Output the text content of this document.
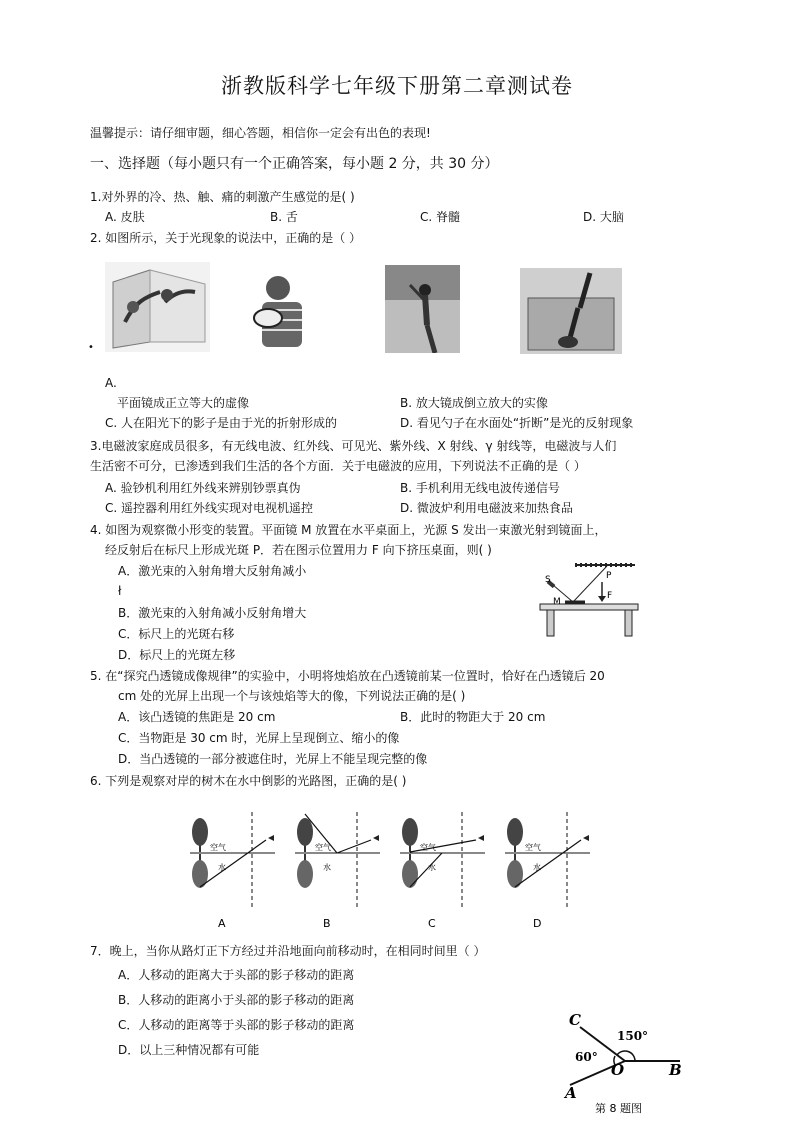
浙教版科学七年级下册第二章测试卷
温馨提示：请仔细审题，细心答题，相信你一定会有出色的表现!
一、选择题（每小题只有一个正确答案，每小题 2 分，共 30 分）
1.对外界的冷、热、触、痛的刺激产生感觉的是( )
A. 皮肤	B. 舌	C. 脊髓	D. 大脑
2. 如图所示，关于光现象的说法中，正确的是（ ）
•
A.
平面镜成正立等大的虚像	B. 放大镜成倒立放大的实像
C. 人在阳光下的影子是由于光的折射形成的	D. 看见勺子在水面处“折断”是光的反射现象
3.电磁波家庭成员很多，有无线电波、红外线、可见光、紫外线、X 射线、γ 射线等，电磁波与人们
生活密不可分，已渗透到我们生活的各个方面．关于电磁波的应用，下列说法不正确的是（ ）
A. 验钞机利用红外线来辨别钞票真伪	B. 手机利用无线电波传递信号
C. 遥控器利用红外线实现对电视机遥控	D. 微波炉利用电磁波来加热食品
4. 如图为观察微小形变的装置。平面镜 M 放置在水平桌面上，光源 S 发出一束激光射到镜面上，
经反射后在标尺上形成光斑 P．若在图示位置用力 F 向下挤压桌面，则( )
A．激光束的入射角增大反射角减小
ł
B．激光束的入射角减小反射角增大
C．标尺上的光斑右移
D．标尺上的光斑左移
S
M
P
F
5. 在“探究凸透镜成像规律”的实验中，小明将烛焰放在凸透镜前某一位置时，恰好在凸透镜后 20
cm 处的光屏上出现一个与该烛焰等大的像，下列说法正确的是( )
A．该凸透镜的焦距是 20 cm	B．此时的物距大于 20 cm
C．当物距是 30 cm 时，光屏上呈现倒立、缩小的像
D．当凸透镜的一部分被遮住时，光屏上不能呈现完整的像
6. 下列是观察对岸的树木在水中倒影的光路图，正确的是( )
空气
水
A
空气
水
B
空气
水
C
空气
水
D
7．晚上，当你从路灯正下方经过并沿地面向前移动时，在相同时间里（ ）
A．人移动的距离大于头部的影子移动的距离
B．人移动的距离小于头部的影子移动的距离
C．人移动的距离等于头部的影子移动的距离
D．以上三种情况都有可能
C
A
O	B
150°
60°
第 8 题图
